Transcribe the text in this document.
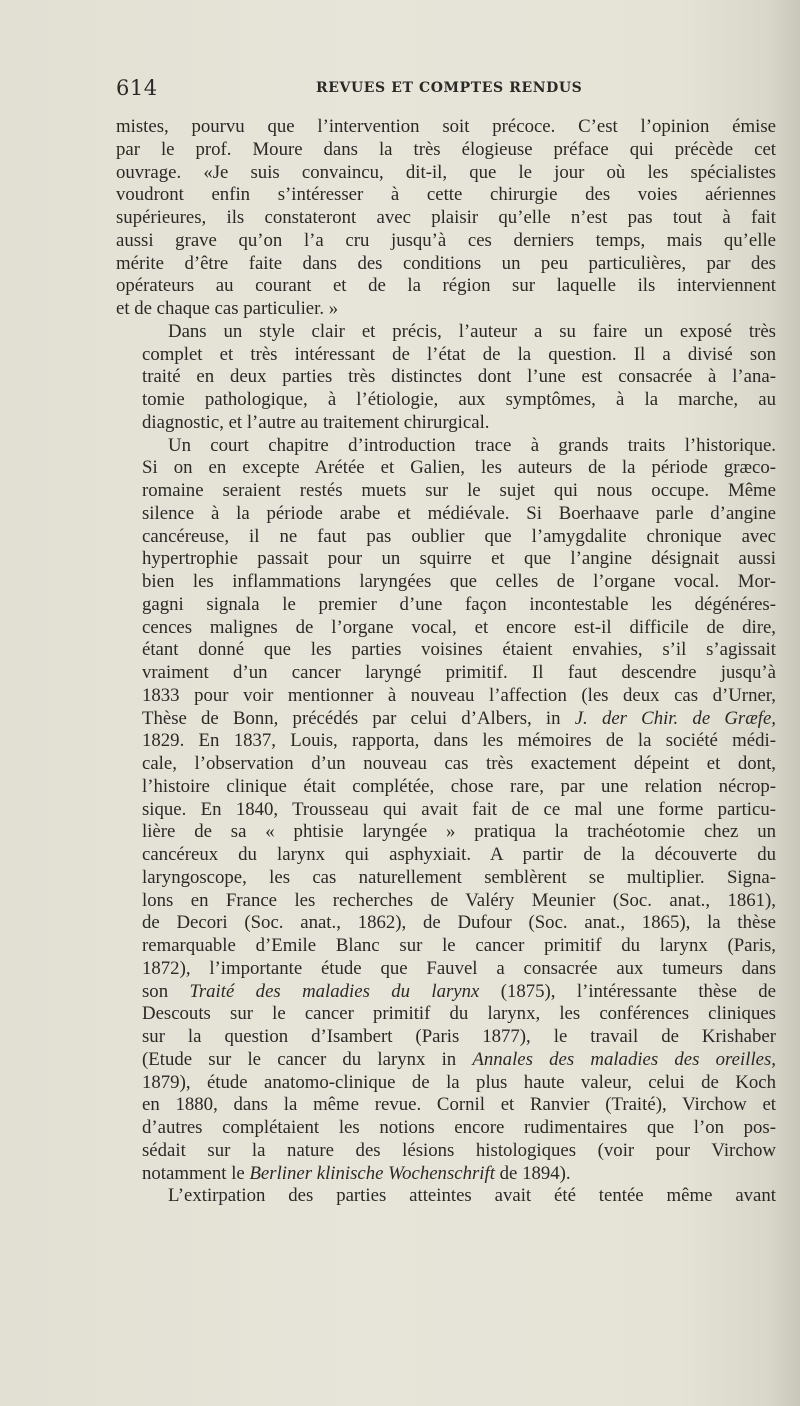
614	REVUES ET COMPTES RENDUS

mistes, pourvu que l’intervention soit précoce. C’est l’opinion émise
par le prof. Moure dans la très élogieuse préface qui précède cet
ouvrage. «Je suis convaincu, dit-il, que le jour où les spécialistes
voudront enfin s’intéresser à cette chirurgie des voies aériennes
supérieures, ils constateront avec plaisir qu’elle n’est pas tout à fait
aussi grave qu’on l’a cru jusqu’à ces derniers temps, mais qu’elle
mérite d’être faite dans des conditions un peu particulières, par des
opérateurs au courant et de la région sur laquelle ils interviennent
et de chaque cas particulier. »

Dans un style clair et précis, l’auteur a su faire un exposé très
complet et très intéressant de l’état de la question. Il a divisé son
traité en deux parties très distinctes dont l’une est consacrée à l’ana-
tomie pathologique, à l’étiologie, aux symptômes, à la marche, au
diagnostic, et l’autre au traitement chirurgical.

Un court chapitre d’introduction trace à grands traits l’historique.
Si on en excepte Arétée et Galien, les auteurs de la période græco-
romaine seraient restés muets sur le sujet qui nous occupe. Même
silence à la période arabe et médiévale. Si Boerhaave parle d’angine
cancéreuse, il ne faut pas oublier que l’amygdalite chronique avec
hypertrophie passait pour un squirre et que l’angine désignait aussi
bien les inflammations laryngées que celles de l’organe vocal. Mor-
gagni signala le premier d’une façon incontestable les dégénéres-
cences malignes de l’organe vocal, et encore est-il difficile de dire,
étant donné que les parties voisines étaient envahies, s’il s’agissait
vraiment d’un cancer laryngé primitif. Il faut descendre jusqu’à
1833 pour voir mentionner à nouveau l’affection (les deux cas d’Urner,
Thèse de Bonn, précédés par celui d’Albers, in J. der Chir. de Græfe,
1829. En 1837, Louis, rapporta, dans les mémoires de la société médi-
cale, l’observation d’un nouveau cas très exactement dépeint et dont,
l’histoire clinique était complétée, chose rare, par une relation nécrop-
sique. En 1840, Trousseau qui avait fait de ce mal une forme particu-
lière de sa « phtisie laryngée » pratiqua la trachéotomie chez un
cancéreux du larynx qui asphyxiait. A partir de la découverte du
laryngoscope, les cas naturellement semblèrent se multiplier. Signa-
lons en France les recherches de Valéry Meunier (Soc. anat., 1861),
de Decori (Soc. anat., 1862), de Dufour (Soc. anat., 1865), la thèse
remarquable d’Emile Blanc sur le cancer primitif du larynx (Paris,
1872), l’importante étude que Fauvel a consacrée aux tumeurs dans
son Traité des maladies du larynx (1875), l’intéressante thèse de
Descouts sur le cancer primitif du larynx, les conférences cliniques
sur la question d’Isambert (Paris 1877), le travail de Krishaber
(Etude sur le cancer du larynx in Annales des maladies des oreilles,
1879), étude anatomo-clinique de la plus haute valeur, celui de Koch
en 1880, dans la même revue. Cornil et Ranvier (Traité), Virchow et
d’autres complétaient les notions encore rudimentaires que l’on pos-
sédait sur la nature des lésions histologiques (voir pour Virchow
notamment le Berliner klinische Wochenschrift de 1894).

L’extirpation des parties atteintes avait été tentée même avant
